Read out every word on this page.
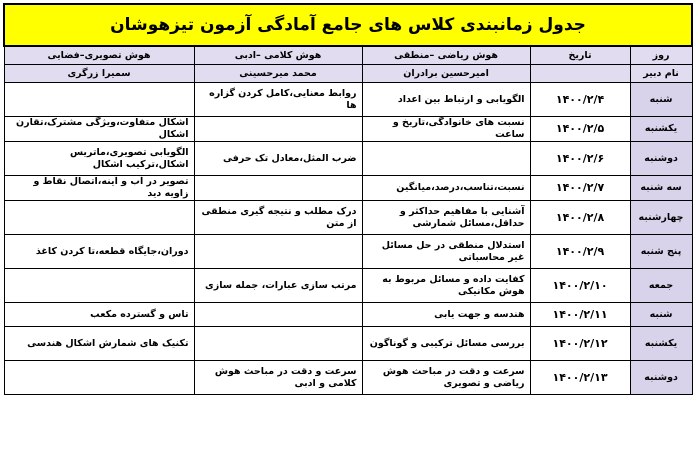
جدول زمانبندی کلاس های جامع آمادگی آزمون تیزهوشان				
روز	تاریخ	هوش ریاضی –منطقی	هوش کلامی –ادبی	هوش تصویری–فضایی
نام دبیر		امیرحسین برادران	محمد میرحسینی	سمیرا زرگری
شنبه	۱۴۰۰/۲/۴	الگویابی و ارتباط بین اعداد	روابط معنایی،کامل کردن گزاره ها	
یکشنبه	۱۴۰۰/۲/۵	نسبت های خانوادگی،تاریخ و ساعت		اشکال متفاوت،ویژگی مشترک،تقارن اشکال
دوشنبه	۱۴۰۰/۲/۶		ضرب المثل،معادل تک حرفی	الگویابی تصویری،ماتریس اشکال،ترکیب اشکال
سه شنبه	۱۴۰۰/۲/۷	نسبت،تناسب،درصد،میانگین		تصویر در آب و آینه،اتصال نقاط و زاویه دید
چهارشنبه	۱۴۰۰/۲/۸	آشنایی با مفاهیم حداکثر و حداقل،مسائل شمارشی	درک مطلب و نتیجه گیری منطقی از متن	
پنج شنبه	۱۴۰۰/۲/۹	استدلال منطقی در حل مسائل غیر محاسباتی		دوران،جایگاه قطعه،تا کردن کاغذ
جمعه	۱۴۰۰/۲/۱۰	کفایت داده و مسائل مربوط به هوش مکانیکی	مرتب سازی عبارات، جمله سازی	
شنبه	۱۴۰۰/۲/۱۱	هندسه و جهت یابی		تاس و گسترده مکعب
یکشنبه	۱۴۰۰/۲/۱۲	بررسی مسائل ترکیبی و گوناگون		تکنیک های شمارش اشکال هندسی
دوشنبه	۱۴۰۰/۲/۱۳	سرعت و دقت در مباحث هوش ریاضی و تصویری	سرعت و دقت در مباحث هوش کلامی و ادبی	
